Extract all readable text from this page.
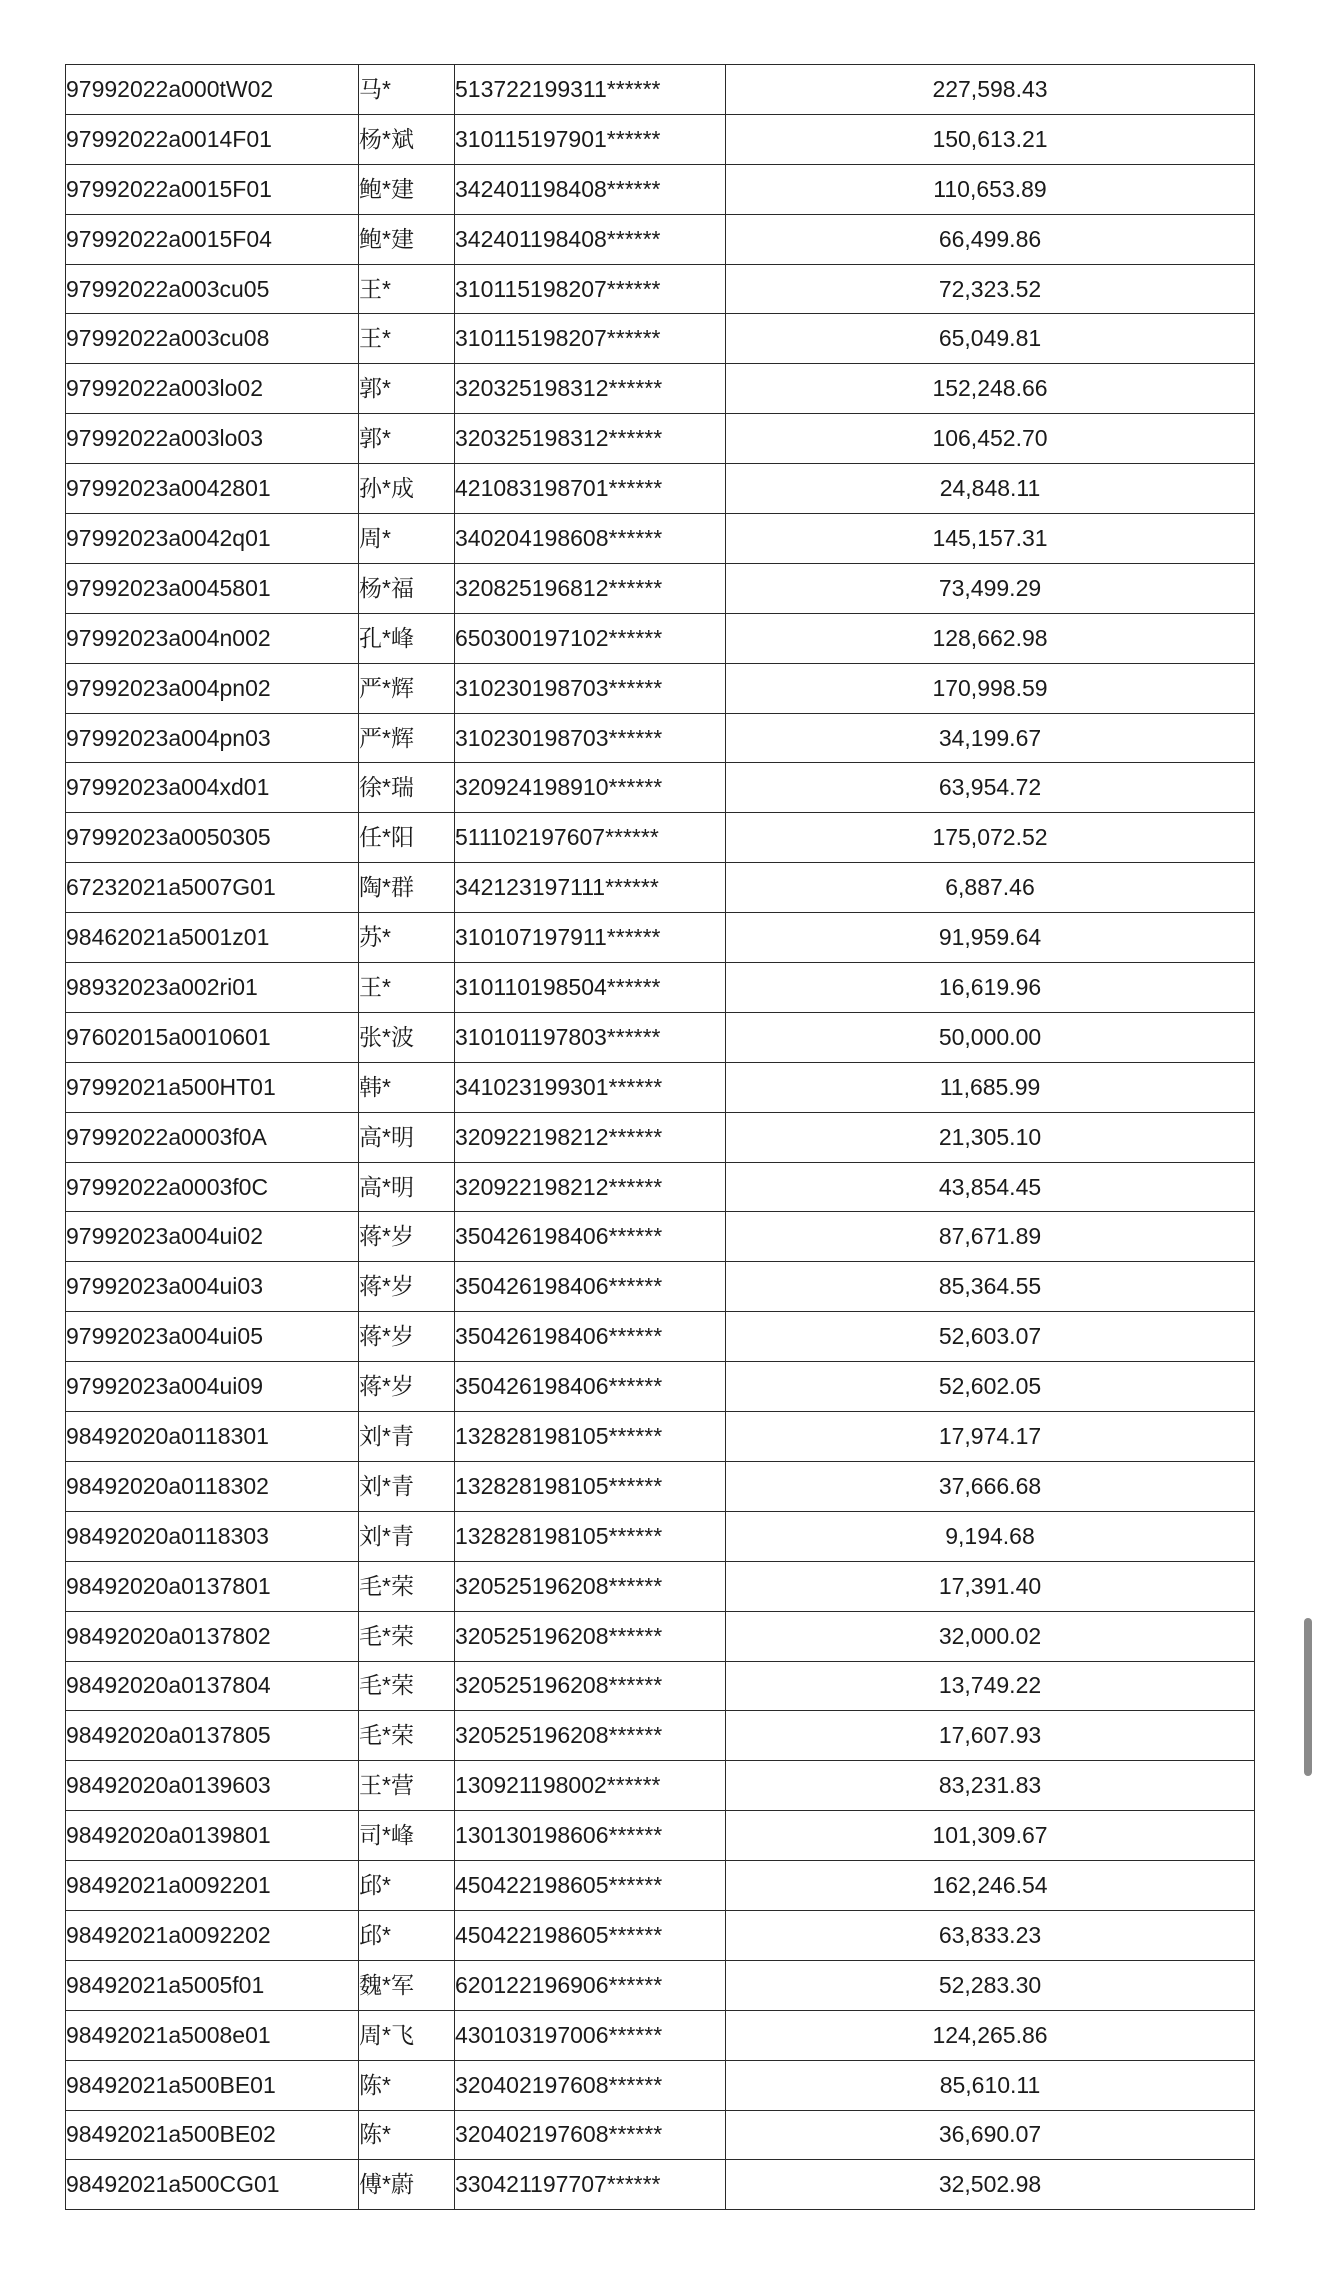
97992022a000tW02	马*	513722199311******	227,598.43
97992022a0014F01	杨*斌	310115197901******	150,613.21
97992022a0015F01	鲍*建	342401198408******	110,653.89
97992022a0015F04	鲍*建	342401198408******	66,499.86
97992022a003cu05	王*	310115198207******	72,323.52
97992022a003cu08	王*	310115198207******	65,049.81
97992022a003lo02	郭*	320325198312******	152,248.66
97992022a003lo03	郭*	320325198312******	106,452.70
97992023a0042801	孙*成	421083198701******	24,848.11
97992023a0042q01	周*	340204198608******	145,157.31
97992023a0045801	杨*福	320825196812******	73,499.29
97992023a004n002	孔*峰	650300197102******	128,662.98
97992023a004pn02	严*辉	310230198703******	170,998.59
97992023a004pn03	严*辉	310230198703******	34,199.67
97992023a004xd01	徐*瑞	320924198910******	63,954.72
97992023a0050305	任*阳	511102197607******	175,072.52
67232021a5007G01	陶*群	342123197111******	6,887.46
98462021a5001z01	苏*	310107197911******	91,959.64
98932023a002ri01	王*	310110198504******	16,619.96
97602015a0010601	张*波	310101197803******	50,000.00
97992021a500HT01	韩*	341023199301******	11,685.99
97992022a0003f0A	高*明	320922198212******	21,305.10
97992022a0003f0C	高*明	320922198212******	43,854.45
97992023a004ui02	蒋*岁	350426198406******	87,671.89
97992023a004ui03	蒋*岁	350426198406******	85,364.55
97992023a004ui05	蒋*岁	350426198406******	52,603.07
97992023a004ui09	蒋*岁	350426198406******	52,602.05
98492020a0118301	刘*青	132828198105******	17,974.17
98492020a0118302	刘*青	132828198105******	37,666.68
98492020a0118303	刘*青	132828198105******	9,194.68
98492020a0137801	毛*荣	320525196208******	17,391.40
98492020a0137802	毛*荣	320525196208******	32,000.02
98492020a0137804	毛*荣	320525196208******	13,749.22
98492020a0137805	毛*荣	320525196208******	17,607.93
98492020a0139603	王*营	130921198002******	83,231.83
98492020a0139801	司*峰	130130198606******	101,309.67
98492021a0092201	邱*	450422198605******	162,246.54
98492021a0092202	邱*	450422198605******	63,833.23
98492021a5005f01	魏*军	620122196906******	52,283.30
98492021a5008e01	周*飞	430103197006******	124,265.86
98492021a500BE01	陈*	320402197608******	85,610.11
98492021a500BE02	陈*	320402197608******	36,690.07
98492021a500CG01	傅*蔚	330421197707******	32,502.98
